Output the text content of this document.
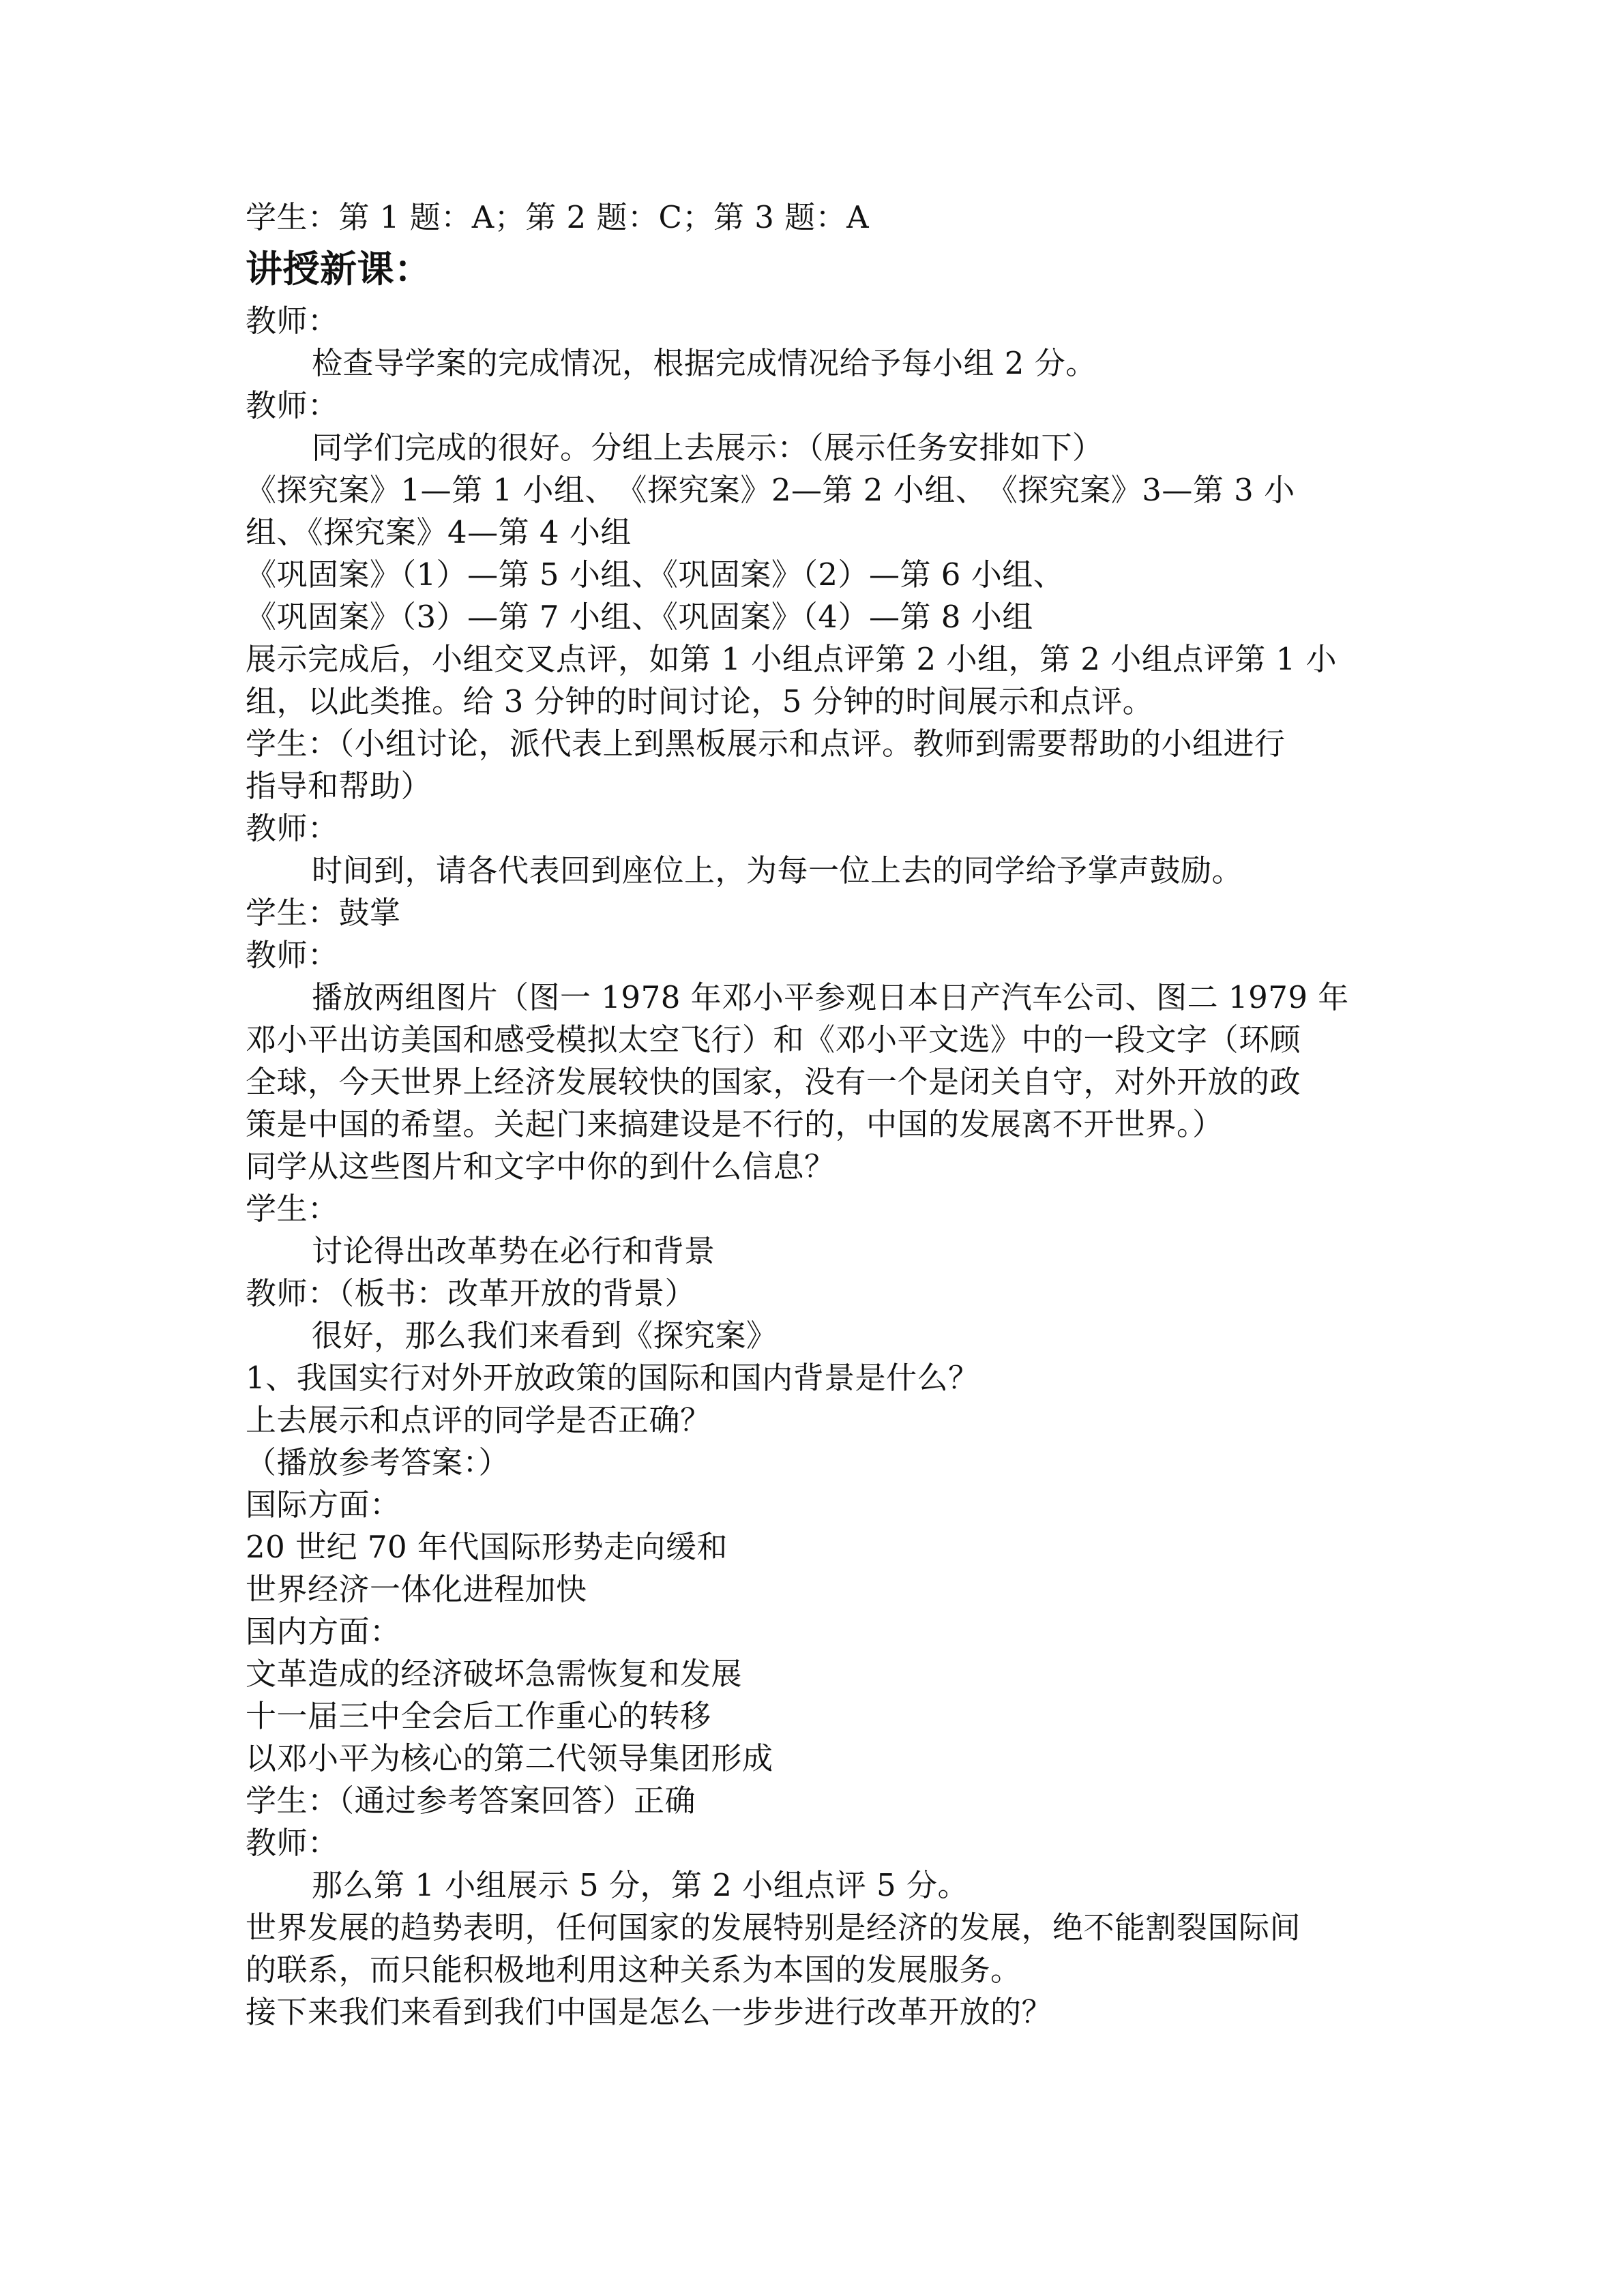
学生：第 1 题：A；第 2 题：C；第 3 题：A
讲授新课：
教师：
检查导学案的完成情况，根据完成情况给予每小组 2 分。
教师：
同学们完成的很好。分组上去展示：（展示任务安排如下）
《探究案》1—第 1 小组、　《探究案》2—第 2 小组、　《探究案》3—第 3 小
组、《探究案》4—第 4 小组
《巩固案》（1）—第 5 小组、《巩固案》（2）—第 6 小组、
《巩固案》（3）—第 7 小组、《巩固案》（4）—第 8 小组
展示完成后，小组交叉点评，如第 1 小组点评第 2 小组，第 2 小组点评第 1 小
组，以此类推。给 3 分钟的时间讨论，5 分钟的时间展示和点评。
学生：（小组讨论，派代表上到黑板展示和点评。教师到需要帮助的小组进行
指导和帮助）
教师：
时间到，请各代表回到座位上，为每一位上去的同学给予掌声鼓励。
学生：鼓掌
教师：
播放两组图片（图一 1978 年邓小平参观日本日产汽车公司、图二 1979 年
邓小平出访美国和感受模拟太空飞行）和《邓小平文选》中的一段文字（环顾
全球，今天世界上经济发展较快的国家，没有一个是闭关自守，对外开放的政
策是中国的希望。关起门来搞建设是不行的，中国的发展离不开世界。）
同学从这些图片和文字中你的到什么信息？
学生：
讨论得出改革势在必行和背景
教师：（板书：改革开放的背景）
很好，那么我们来看到《探究案》
1、我国实行对外开放政策的国际和国内背景是什么？
上去展示和点评的同学是否正确？
（播放参考答案：）
国际方面：
20 世纪 70 年代国际形势走向缓和
世界经济一体化进程加快
国内方面：
文革造成的经济破坏急需恢复和发展
十一届三中全会后工作重心的转移
以邓小平为核心的第二代领导集团形成
学生：（通过参考答案回答）正确
教师：
那么第 1 小组展示 5 分，第 2 小组点评 5 分。
世界发展的趋势表明，任何国家的发展特别是经济的发展，绝不能割裂国际间
的联系，而只能积极地利用这种关系为本国的发展服务。
接下来我们来看到我们中国是怎么一步步进行改革开放的？
